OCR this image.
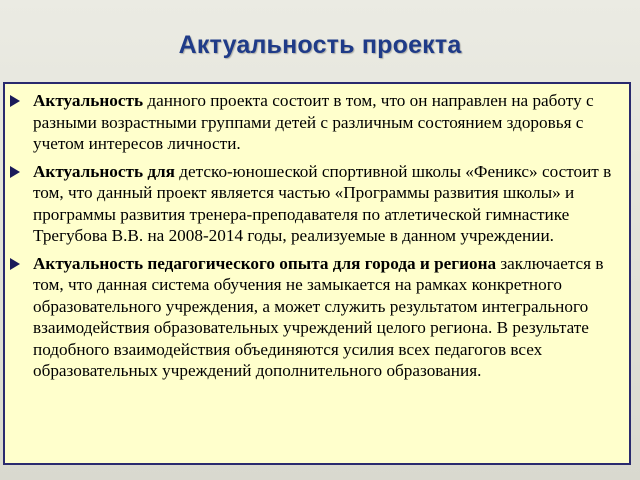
Актуальность проекта
Актуальность данного проекта состоит в том, что он направлен на работу с разными возрастными группами детей с различным состоянием здоровья с учетом интересов личности.
Актуальность для детско-юношеской спортивной школы «Феникс» состоит в том, что данный проект является частью «Программы развития школы» и программы развития тренера-преподавателя по атлетической гимнастике Трегубова В.В. на 2008-2014 годы, реализуемые в данном учреждении.
Актуальность педагогического опыта для города и региона заключается в том, что данная система обучения не замыкается на рамках конкретного образовательного учреждения, а может служить результатом интегрального взаимодействия образовательных учреждений целого региона. В результате подобного взаимодействия объединяются усилия всех педагогов всех образовательных учреждений дополнительного образования.
